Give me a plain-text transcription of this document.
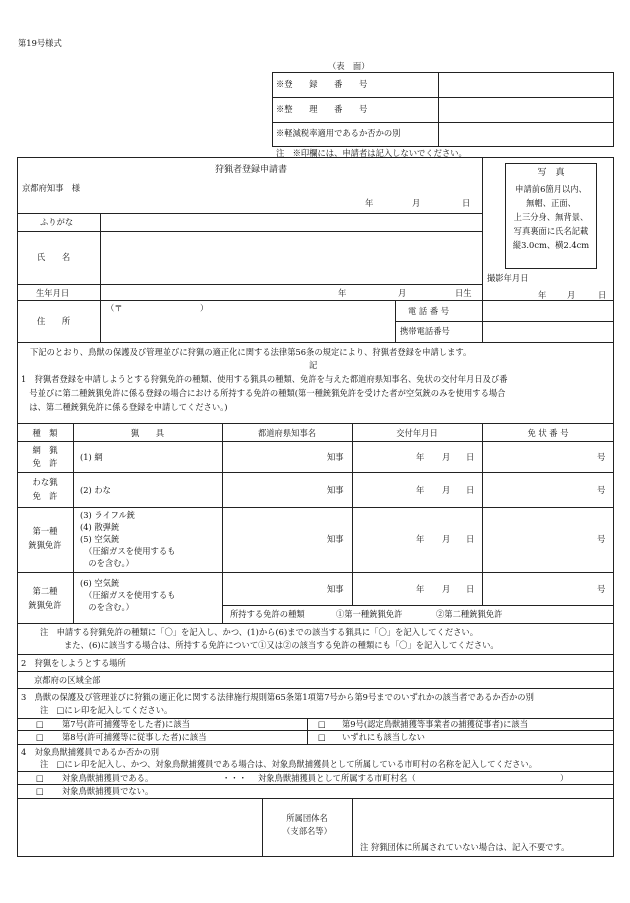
第19号様式
（表　面）
※登　　録　　番　　号
※整　　理　　番　　号
※軽減税率適用であるか否かの別
注　※印欄には、申請者は記入しないでください。
狩猟者登録申請書
京都府知事　様
年	月	日
写　真
申請前6箇月以内、
無帽、正面、
上三分身、無背景、
写真裏面に氏名記載
縦3.0cm、横2.4cm
撮影年月日
年 月	日
ふりがな
氏　　名
生年月日	年	月	日生
住　　所
（〒	）	電 話 番 号
携帯電話番号
下記のとおり、鳥獣の保護及び管理並びに狩猟の適正化に関する法律第56条の規定により、狩猟者登録を申請します。
記
1　狩猟者登録を申請しようとする狩猟免許の種類、使用する猟具の種類、免許を与えた都道府県知事名、免状の交付年月日及び番
　号並びに第二種銃猟免許に係る登録の場合における所持する免許の種類(第一種銃猟免許を受けた者が空気銃のみを使用する場合
　は、第二種銃猟免許に係る登録を申請してください。)
種　類	猟　　具	都道府県知事名	交付年月日	免 状 番 号
網　猟
免　許
(1) 網	知事	年 月 日	号
わな猟
免　許
(2) わな	知事	年 月 日	号
第一種
銃猟免許
(3) ライフル銃
(4) 散弾銃
(5) 空気銃
　（圧縮ガスを使用するも
　のを含む。）
知事	年 月 日	号
第二種
銃猟免許
(6) 空気銃
　（圧縮ガスを使用するも
　のを含む。）
知事	年 月 日	号
所持する免許の種類	①第一種銃猟免許	②第二種銃猟免許
注　申請する狩猟免許の種類に「〇」を記入し、かつ、(1)から(6)までの該当する猟具に「〇」を記入してください。
また、(6)に該当する場合は、所持する免許について①又は②の該当する免許の種類にも「〇」を記入してください。
2　狩猟をしようとする場所
京都府の区域全部
3　鳥獣の保護及び管理並びに狩猟の適正化に関する法律施行規則第65条第1項第7号から第9号までのいずれかの該当者であるか否かの別
注　□にレ印を記入してください。
□ 第7号(許可捕獲等をした者)に該当
□ 第8号(許可捕獲等に従事した者)に該当
□ 第9号(認定鳥獣捕獲等事業者の捕獲従事者)に該当
□ いずれにも該当しない
4　対象鳥獣捕獲員であるか否かの別
注　□にレ印を記入し、かつ、対象鳥獣捕獲員である場合は、対象鳥獣捕獲員として所属している市町村の名称を記入してください。
□ 対象鳥獣捕獲員である。	・・・ 対象鳥獣捕獲員として所属する市町村名（	）
□ 対象鳥獣捕獲員でない。
所属団体名
（支部名等）
注 狩猟団体に所属されていない場合は、記入不要です。
